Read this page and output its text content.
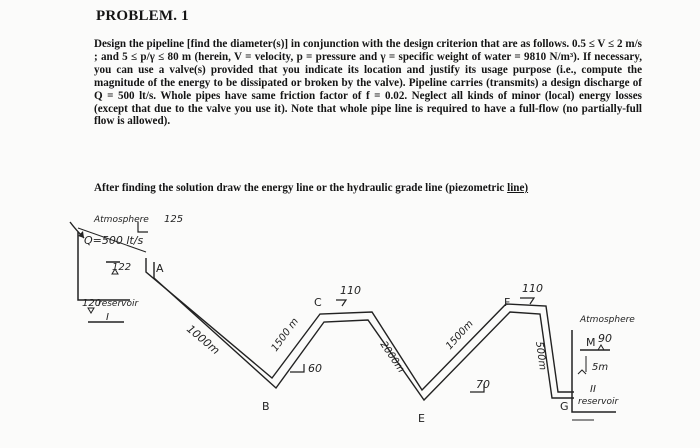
PROBLEM. 1
Design the pipeline [find the diameter(s)] in conjunction with the design criterion that are as follows. 0.5 ≤ V ≤ 2 m/s ; and 5 ≤ p/γ ≤ 80 m (herein, V = velocity, p = pressure and γ = specific weight of water = 9810 N/m³). If necessary, you can use a valve(s) provided that you indicate its location and justify its usage purpose (i.e., compute the magnitude of the energy to be dissipated or broken by the valve). Pipeline carries (transmits) a design discharge of Q = 500 lt/s. Whole pipes have same friction factor of f = 0.02. Neglect all kinds of minor (local) energy losses (except that due to the valve you use it). Note that whole pipe line is required to have a full-flow (no partially-full flow is allowed).
After finding the solution draw the energy line or the hydraulic grade line (piezometric line)
Atmosphere 125
Q=500 lt/s
122
120
reservoir
I
A
1000m
B
60
1500 m
C
110
2000m
E
1500m
70
F
110
500m
G
Atmosphere
M 90
5m
II
reservoir
